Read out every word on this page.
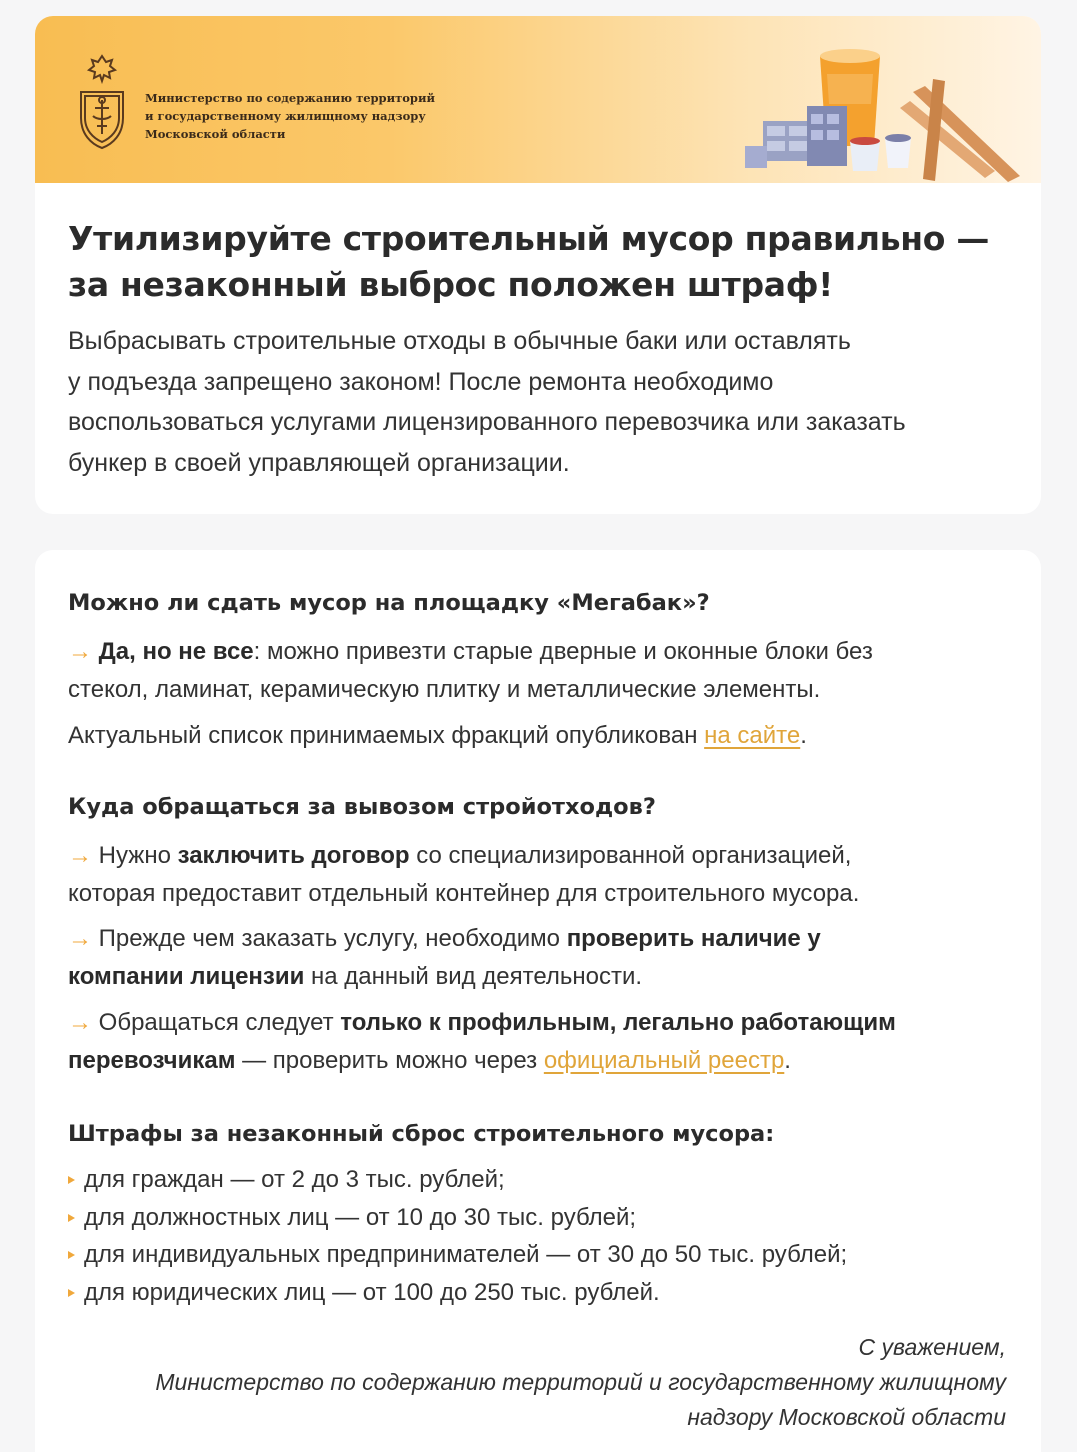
Министерство по содержанию территорий
и государственному жилищному надзору
Московской области
Утилизируйте строительный мусор правильно —
за незаконный выброс положен штраф!
Выбрасывать строительные отходы в обычные баки или оставлять
у подъезда запрещено законом! После ремонта необходимо
воспользоваться услугами лицензированного перевозчика или заказать
бункер в своей управляющей организации.
Можно ли сдать мусор на площадку «Мегабак»?
→ Да, но не все: можно привезти старые дверные и оконные блоки без
стекол, ламинат, керамическую плитку и металлические элементы.
Актуальный список принимаемых фракций опубликован на сайте.
Куда обращаться за вывозом стройотходов?
→ Нужно заключить договор со специализированной организацией,
которая предоставит отдельный контейнер для строительного мусора.
→ Прежде чем заказать услугу, необходимо проверить наличие у
компании лицензии на данный вид деятельности.
→ Обращаться следует только к профильным, легально работающим
перевозчикам — проверить можно через официальный реестр.
Штрафы за незаконный сброс строительного мусора:
для граждан — от 2 до 3 тыс. рублей;
для должностных лиц — от 10 до 30 тыс. рублей;
для индивидуальных предпринимателей — от 30 до 50 тыс. рублей;
для юридических лиц — от 100 до 250 тыс. рублей.
С уважением,
Министерство по содержанию территорий и государственному жилищному
надзору Московской области
